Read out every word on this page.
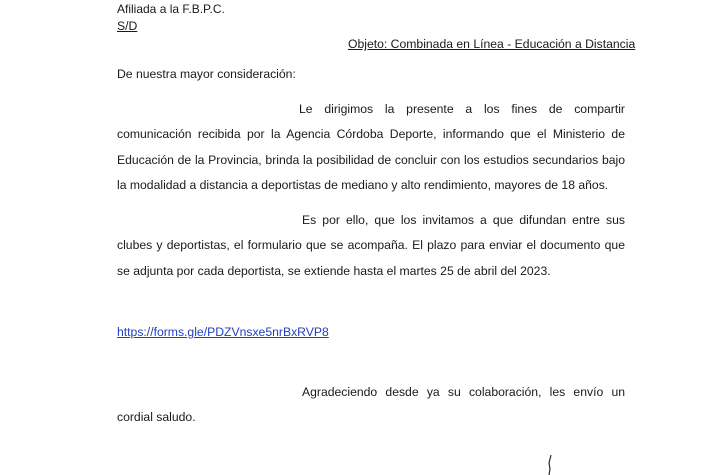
Afiliada a la F.B.P.C.
S/D
Objeto: Combinada en Línea - Educación a Distancia
De nuestra mayor consideración:
Le dirigimos la presente a los fines de compartir comunicación recibida por la Agencia Córdoba Deporte, informando que el Ministerio de Educación de la Provincia, brinda la posibilidad de concluir con los estudios secundarios bajo la modalidad a distancia a deportistas de mediano y alto rendimiento, mayores de 18 años.
Es por ello, que los invitamos a que difundan entre sus clubes y deportistas, el formulario que se acompaña. El plazo para enviar el documento que se adjunta por cada deportista, se extiende hasta el martes 25 de abril del 2023.
https://forms.gle/PDZVnsxe5nrBxRVP8
Agradeciendo desde ya su colaboración, les envío un cordial saludo.
